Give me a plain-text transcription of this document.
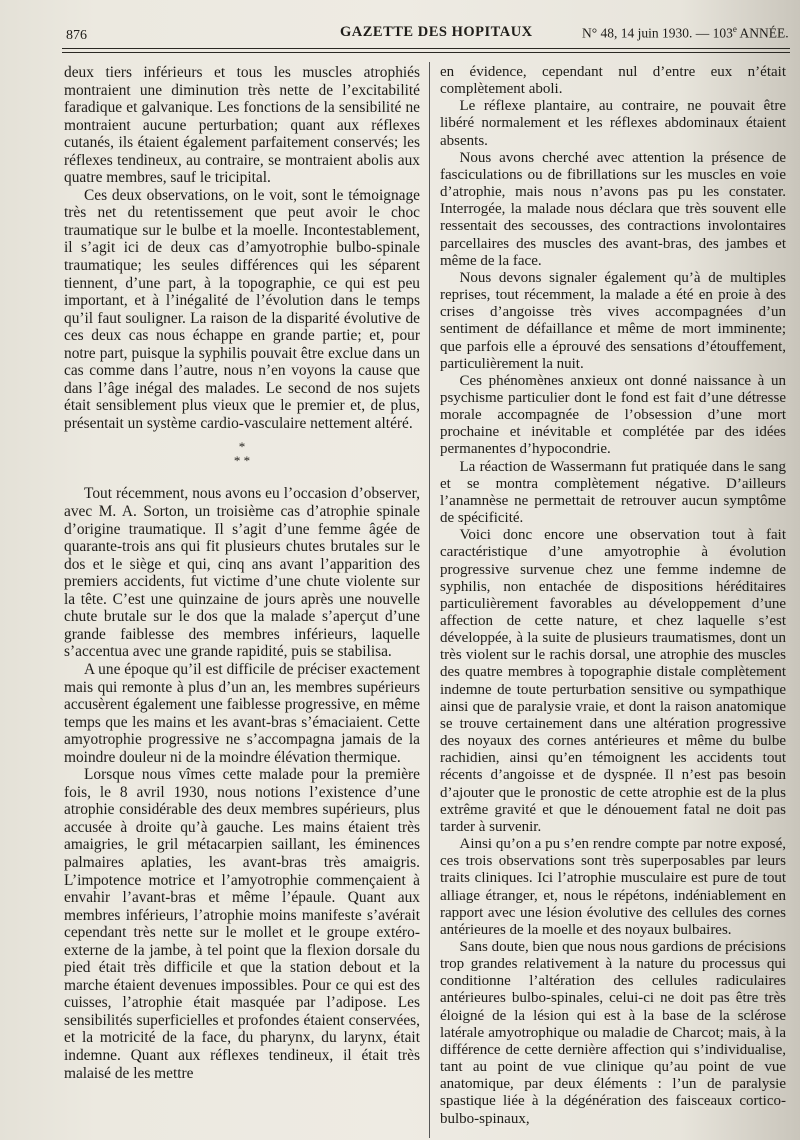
876	GAZETTE DES HOPITAUX	N° 48, 14 juin 1930. — 103e ANNÉE.

deux tiers inférieurs et tous les muscles atrophiés montraient une diminution très nette de l’excitabilité faradique et galvanique. Les fonctions de la sensibilité ne montraient aucune perturbation; quant aux réflexes cutanés, ils étaient également parfaitement conservés; les réflexes tendineux, au contraire, se montraient abolis aux quatre membres, sauf le tricipital.

Ces deux observations, on le voit, sont le témoignage très net du retentissement que peut avoir le choc traumatique sur le bulbe et la moelle. Incontestablement, il s’agit ici de deux cas d’amyotrophie bulbo-spinale traumatique; les seules différences qui les séparent tiennent, d’une part, à la topographie, ce qui est peu important, et à l’inégalité de l’évolution dans le temps qu’il faut souligner. La raison de la disparité évolutive de ces deux cas nous échappe en grande partie; et, pour notre part, puisque la syphilis pouvait être exclue dans un cas comme dans l’autre, nous n’en voyons la cause que dans l’âge inégal des malades. Le second de nos sujets était sensiblement plus vieux que le premier et, de plus, présentait un système cardio-vasculaire nettement altéré.

*
* *

Tout récemment, nous avons eu l’occasion d’observer, avec M. A. Sorton, un troisième cas d’atrophie spinale d’origine traumatique. Il s’agit d’une femme âgée de quarante-trois ans qui fit plusieurs chutes brutales sur le dos et le siège et qui, cinq ans avant l’apparition des premiers accidents, fut victime d’une chute violente sur la tête. C’est une quinzaine de jours après une nouvelle chute brutale sur le dos que la malade s’aperçut d’une grande faiblesse des membres inférieurs, laquelle s’accentua avec une grande rapidité, puis se stabilisa.

A une époque qu’il est difficile de préciser exactement mais qui remonte à plus d’un an, les membres supérieurs accusèrent également une faiblesse progressive, en même temps que les mains et les avant-bras s’émaciaient. Cette amyotrophie progressive ne s’accompagna jamais de la moindre douleur ni de la moindre élévation thermique.

Lorsque nous vîmes cette malade pour la première fois, le 8 avril 1930, nous notions l’existence d’une atrophie considérable des deux membres supérieurs, plus accusée à droite qu’à gauche. Les mains étaient très amaigries, le gril métacarpien saillant, les éminences palmaires aplaties, les avant-bras très amaigris. L’impotence motrice et l’amyotrophie commençaient à envahir l’avant-bras et même l’épaule. Quant aux membres inférieurs, l’atrophie moins manifeste s’avérait cependant très nette sur le mollet et le groupe extéro-externe de la jambe, à tel point que la flexion dorsale du pied était très difficile et que la station debout et la marche étaient devenues impossibles. Pour ce qui est des cuisses, l’atrophie était masquée par l’adipose. Les sensibilités superficielles et profondes étaient conservées, et la motricité de la face, du pharynx, du larynx, était indemne. Quant aux réflexes tendineux, il était très malaisé de les mettre

en évidence, cependant nul d’entre eux n’était complètement aboli.

Le réflexe plantaire, au contraire, ne pouvait être libéré normalement et les réflexes abdominaux étaient absents.

Nous avons cherché avec attention la présence de fasciculations ou de fibrillations sur les muscles en voie d’atrophie, mais nous n’avons pas pu les constater. Interrogée, la malade nous déclara que très souvent elle ressentait des secousses, des contractions involontaires parcellaires des muscles des avant-bras, des jambes et même de la face.

Nous devons signaler également qu’à de multiples reprises, tout récemment, la malade a été en proie à des crises d’angoisse très vives accompagnées d’un sentiment de défaillance et même de mort imminente; que parfois elle a éprouvé des sensations d’étouffement, particulièrement la nuit.

Ces phénomènes anxieux ont donné naissance à un psychisme particulier dont le fond est fait d’une détresse morale accompagnée de l’obsession d’une mort prochaine et inévitable et complétée par des idées permanentes d’hypocondrie.

La réaction de Wassermann fut pratiquée dans le sang et se montra complètement négative. D’ailleurs l’anamnèse ne permettait de retrouver aucun symptôme de spécificité.

Voici donc encore une observation tout à fait caractéristique d’une amyotrophie à évolution progressive survenue chez une femme indemne de syphilis, non entachée de dispositions héréditaires particulièrement favorables au développement d’une affection de cette nature, et chez laquelle s’est développée, à la suite de plusieurs traumatismes, dont un très violent sur le rachis dorsal, une atrophie des muscles des quatre membres à topographie distale complètement indemne de toute perturbation sensitive ou sympathique ainsi que de paralysie vraie, et dont la raison anatomique se trouve certainement dans une altération progressive des noyaux des cornes antérieures et même du bulbe rachidien, ainsi qu’en témoignent les accidents tout récents d’angoisse et de dyspnée. Il n’est pas besoin d’ajouter que le pronostic de cette atrophie est de la plus extrême gravité et que le dénouement fatal ne doit pas tarder à survenir.

Ainsi qu’on a pu s’en rendre compte par notre exposé, ces trois observations sont très superposables par leurs traits cliniques. Ici l’atrophie musculaire est pure de tout alliage étranger, et, nous le répétons, indéniablement en rapport avec une lésion évolutive des cellules des cornes antérieures de la moelle et des noyaux bulbaires.

Sans doute, bien que nous nous gardions de précisions trop grandes relativement à la nature du processus qui conditionne l’altération des cellules radiculaires antérieures bulbo-spinales, celui-ci ne doit pas être très éloigné de la lésion qui est à la base de la sclérose latérale amyotrophique ou maladie de Charcot; mais, à la différence de cette dernière affection qui s’individualise, tant au point de vue clinique qu’au point de vue anatomique, par deux éléments : l’un de paralysie spastique liée à la dégénération des faisceaux cortico-bulbo-spinaux,
